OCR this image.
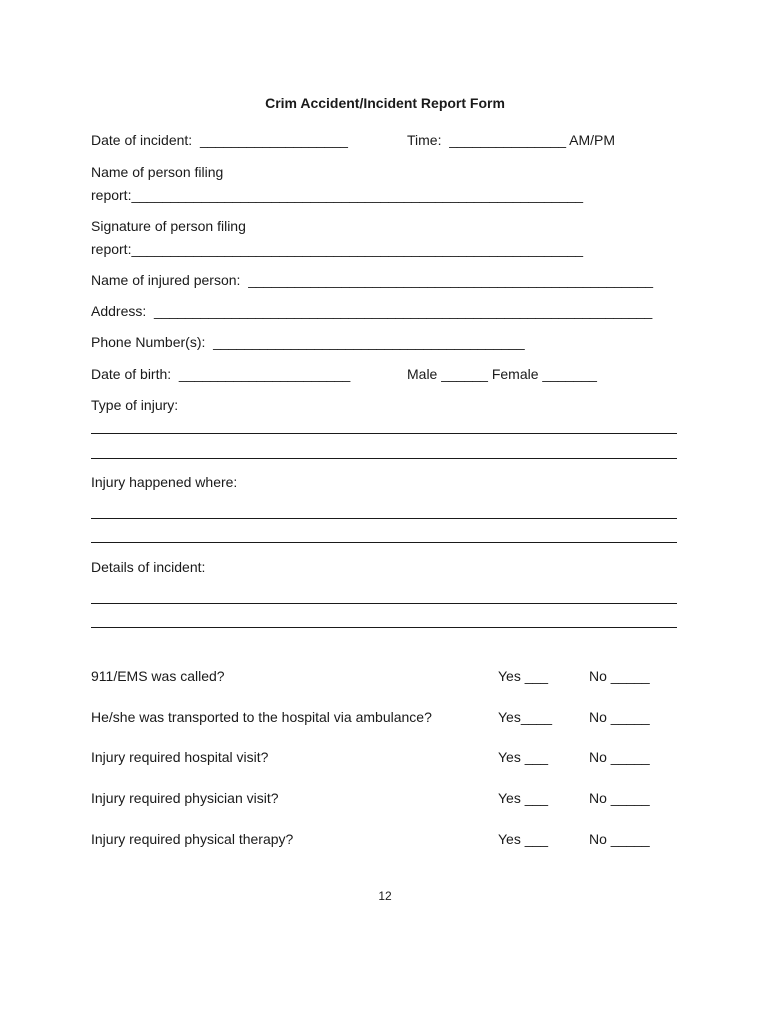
Crim Accident/Incident Report Form
Date of incident:  ___________________	Time:  _______________ AM/PM
Name of person filing
report:__________________________________________________________
Signature of person filing
report:__________________________________________________________
Name of injured person:  ____________________________________________________
Address:  ________________________________________________________________
Phone Number(s):  ________________________________________
Date of birth:  ______________________	Male ______ Female _______
Type of injury:
Injury happened where:
Details of incident:
911/EMS was called?	Yes ___	No _____
He/she was transported to the hospital via ambulance?	Yes____	No _____
Injury required hospital visit?	Yes ___	No _____
Injury required physician visit?	Yes ___	No _____
Injury required physical therapy?	Yes ___	No _____
12
